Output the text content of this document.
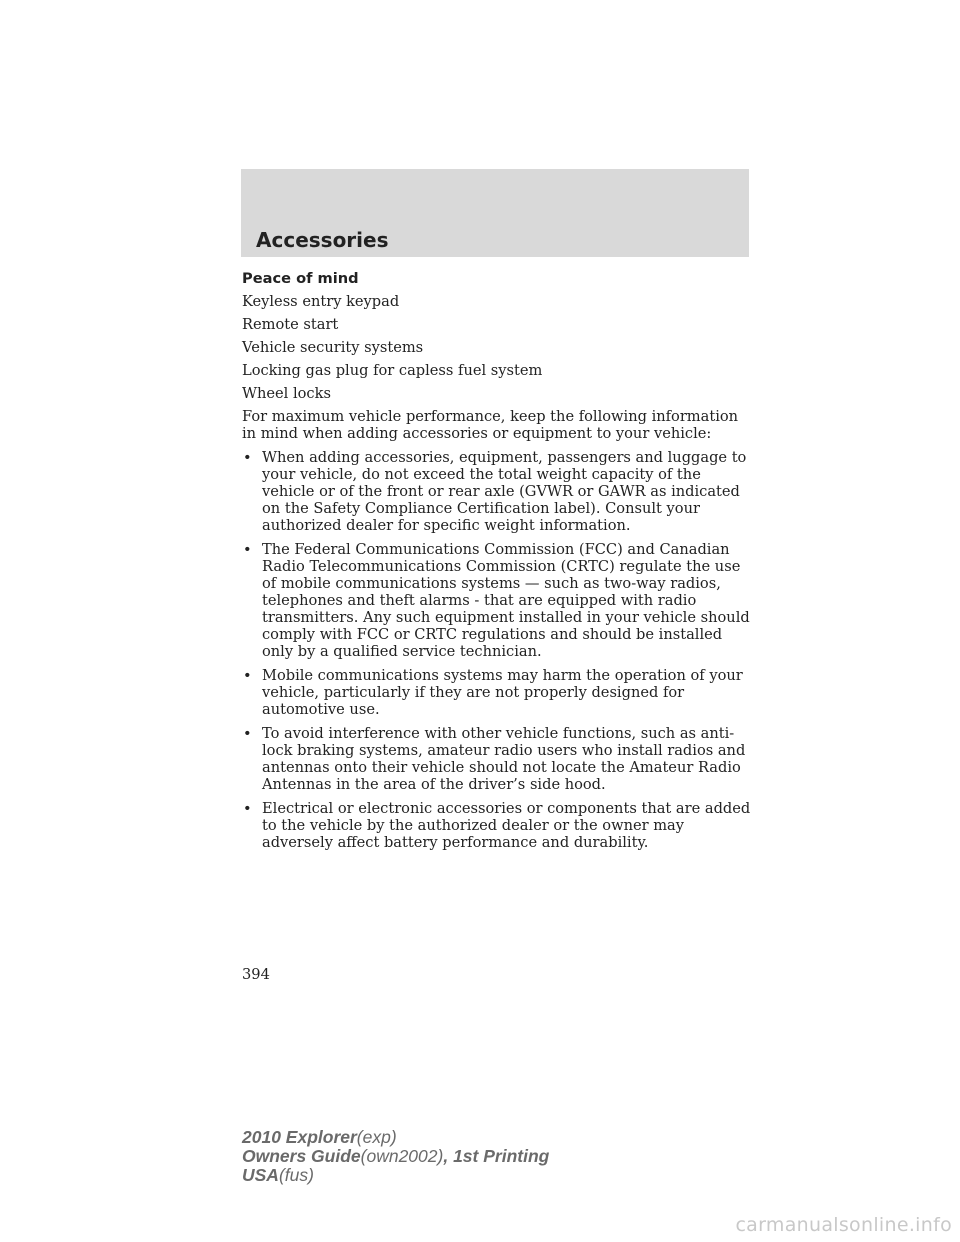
Accessories

Peace of mind

Keyless entry keypad

Remote start

Vehicle security systems

Locking gas plug for capless fuel system

Wheel locks

For maximum vehicle performance, keep the following information in mind when adding accessories or equipment to your vehicle:

• When adding accessories, equipment, passengers and luggage to your vehicle, do not exceed the total weight capacity of the vehicle or of the front or rear axle (GVWR or GAWR as indicated on the Safety Compliance Certification label). Consult your authorized dealer for specific weight information.
• The Federal Communications Commission (FCC) and Canadian Radio Telecommunications Commission (CRTC) regulate the use of mobile communications systems — such as two-way radios, telephones and theft alarms - that are equipped with radio transmitters. Any such equipment installed in your vehicle should comply with FCC or CRTC regulations and should be installed only by a qualified service technician.
• Mobile communications systems may harm the operation of your vehicle, particularly if they are not properly designed for automotive use.
• To avoid interference with other vehicle functions, such as anti-lock braking systems, amateur radio users who install radios and antennas onto their vehicle should not locate the Amateur Radio Antennas in the area of the driver’s side hood.
• Electrical or electronic accessories or components that are added to the vehicle by the authorized dealer or the owner may adversely affect battery performance and durability.

394

2010 Explorer(exp)
Owners Guide(own2002), 1st Printing
USA(fus)
carmanualsonline.info
